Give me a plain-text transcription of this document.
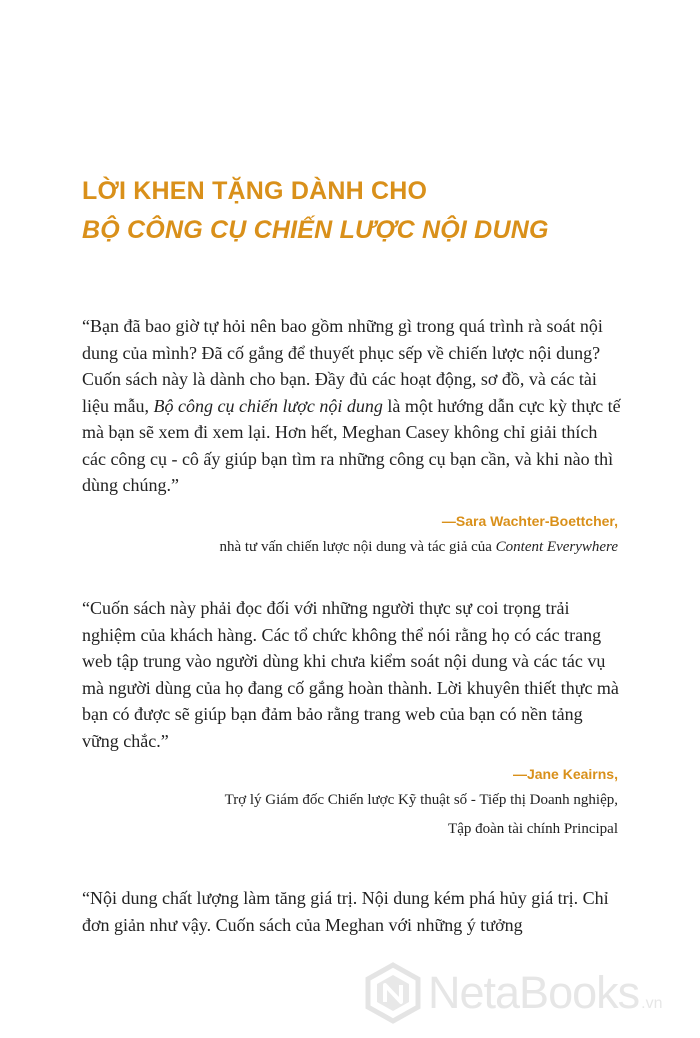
LỜI KHEN TẶNG DÀNH CHO
BỘ CÔNG CỤ CHIẾN LƯỢC NỘI DUNG

“Bạn đã bao giờ tự hỏi nên bao gồm những gì trong quá trình rà soát nội dung của mình? Đã cố gắng để thuyết phục sếp về chiến lược nội dung? Cuốn sách này là dành cho bạn. Đầy đủ các hoạt động, sơ đồ, và các tài liệu mẫu, Bộ công cụ chiến lược nội dung là một hướng dẫn cực kỳ thực tế mà bạn sẽ xem đi xem lại. Hơn hết, Meghan Casey không chỉ giải thích các công cụ - cô ấy giúp bạn tìm ra những công cụ bạn cần, và khi nào thì dùng chúng.”

—Sara Wachter-Boettcher,
nhà tư vấn chiến lược nội dung và tác giả của Content Everywhere

“Cuốn sách này phải đọc đối với những người thực sự coi trọng trải nghiệm của khách hàng. Các tổ chức không thể nói rằng họ có các trang web tập trung vào người dùng khi chưa kiểm soát nội dung và các tác vụ mà người dùng của họ đang cố gắng hoàn thành. Lời khuyên thiết thực mà bạn có được sẽ giúp bạn đảm bảo rằng trang web của bạn có nền tảng vững chắc.”

—Jane Keairns,
Trợ lý Giám đốc Chiến lược Kỹ thuật số - Tiếp thị Doanh nghiệp,
Tập đoàn tài chính Principal

“Nội dung chất lượng làm tăng giá trị. Nội dung kém phá hủy giá trị. Chỉ đơn giản như vậy. Cuốn sách của Meghan với những ý tưởng

NetaBooks .vn
